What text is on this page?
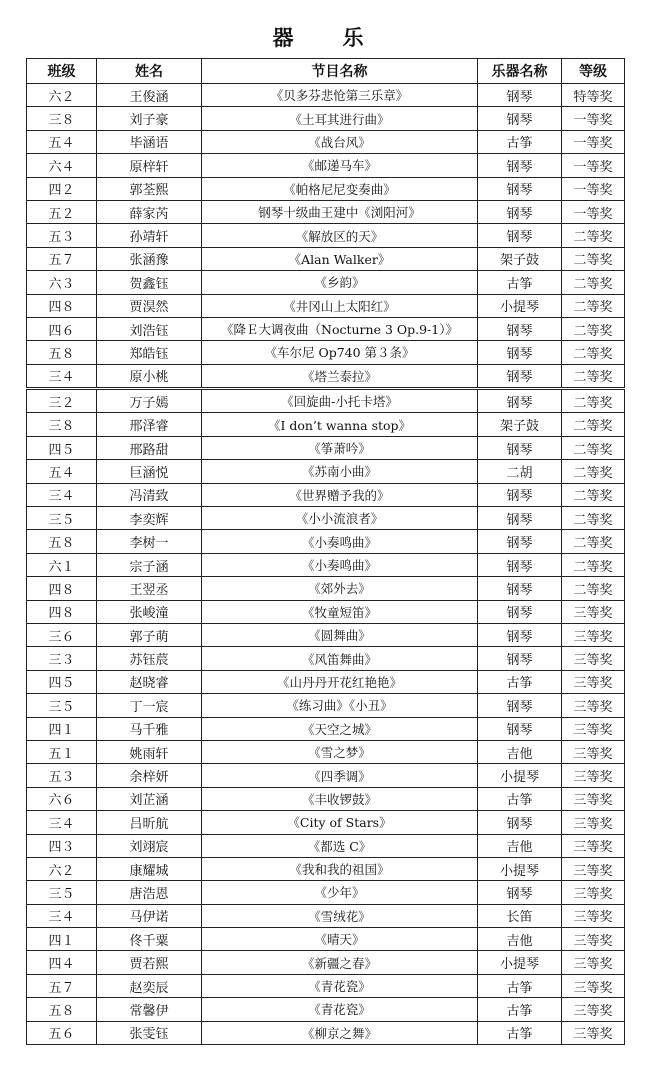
器　乐
班级	姓名	节目名称	乐器名称	等级
六２	王俊涵	《贝多芬悲怆第三乐章》	钢琴	特等奖
三８	刘子豪	《土耳其进行曲》	钢琴	一等奖
五４	毕涵语	《战台风》	古筝	一等奖
六４	原梓轩	《邮递马车》	钢琴	一等奖
四２	郭荃熙	《帕格尼尼变奏曲》	钢琴	一等奖
五２	薛家芮	钢琴十级曲王建中《浏阳河》	钢琴	一等奖
五３	孙靖轩	《解放区的天》	钢琴	二等奖
五７	张涵豫	《Alan Walker》	架子鼓	二等奖
六３	贺鑫钰	《乡韵》	古筝	二等奖
四８	贾淏然	《井冈山上太阳红》	小提琴	二等奖
四６	刘浩钰	《降Ｅ大调夜曲（Nocturne 3 Op.9-1）》	钢琴	二等奖
五８	郑皓钰	《车尔尼 Op740 第３条》	钢琴	二等奖
三４	原小桃	《塔兰泰拉》	钢琴	二等奖
三２	万子嫣	《回旋曲-小托卡塔》	钢琴	二等奖
三８	邢泽睿	《I don’t wanna stop》	架子鼓	二等奖
四５	邢路甜	《筝萧吟》	钢琴	二等奖
五４	巨涵悦	《苏南小曲》	二胡	二等奖
三４	冯清致	《世界赠予我的》	钢琴	二等奖
三５	李奕辉	《小小流浪者》	钢琴	二等奖
五８	李树一	《小奏鸣曲》	钢琴	二等奖
六１	宗子涵	《小奏鸣曲》	钢琴	二等奖
四８	王翌丞	《郊外去》	钢琴	二等奖
四８	张峻潼	《牧童短笛》	钢琴	三等奖
三６	郭子萌	《圆舞曲》	钢琴	三等奖
三３	苏钰莀	《风笛舞曲》	钢琴	三等奖
四５	赵晓睿	《山丹丹开花红艳艳》	古筝	三等奖
三５	丁一宸	《练习曲》《小丑》	钢琴	三等奖
四１	马千雅	《天空之城》	钢琴	三等奖
五１	姚雨轩	《雪之梦》	吉他	三等奖
五３	余梓妍	《四季调》	小提琴	三等奖
六６	刘芷涵	《丰收锣鼓》	古筝	三等奖
三４	吕昕航	《City of Stars》	钢琴	三等奖
四３	刘翊宸	《都选 C》	吉他	三等奖
六２	康耀城	《我和我的祖国》	小提琴	三等奖
三５	唐浩恩	《少年》	钢琴	三等奖
三４	马伊诺	《雪绒花》	长笛	三等奖
四１	佟千粟	《晴天》	吉他	三等奖
四４	贾若熙	《新疆之春》	小提琴	三等奖
五７	赵奕辰	《青花瓷》	古筝	三等奖
五８	常馨伊	《青花瓷》	古筝	三等奖
五６	张雯钰	《柳京之舞》	古筝	三等奖
